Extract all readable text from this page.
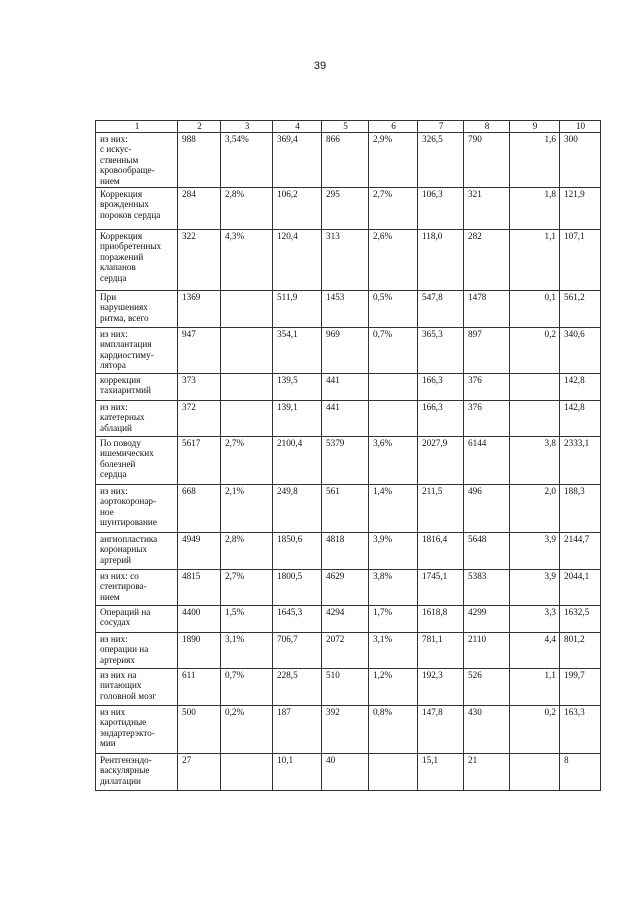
39
1	2	3	4	5	6	7	8	9	10
из них:
с искус-
ственным
кровообраще-
нием	988	3,54%	369,4	866	2,9%	326,5	790	1,6	300
Коррекция
врожденных
пороков сердца	284	2,8%	106,2	295	2,7%	106,3	321	1,8	121,9
Коррекция
приобретенных
поражений
клапанов
сердца	322	4,3%	120,4	313	2,6%	118,0	282	1,1	107,1
При
нарушениях
ритма, всего	1369		511,9	1453	0,5%	547,8	1478	0,1	561,2
из них:
имплантация
кардиостиму-
лятора	947		354,1	969	0,7%	365,3	897	0,2	340,6
коррекция
тахиаритмий	373		139,5	441		166,3	376		142,8
из них:
катетерных
аблаций	372		139,1	441		166,3	376		142,8
По поводу
ишемических
болезней
сердца	5617	2,7%	2100,4	5379	3,6%	2027,9	6144	3,8	2333,1
из них:
аортокоронар-
ное
шунтирование	668	2,1%	249,8	561	1,4%	211,5	496	2,0	188,3
ангиопластика
коронарных
артерий	4949	2,8%	1850,6	4818	3,9%	1816,4	5648	3,9	2144,7
из них: со
стентирова-
нием	4815	2,7%	1800,5	4629	3,8%	1745,1	5383	3,9	2044,1
Операций на
сосудах	4400	1,5%	1645,3	4294	1,7%	1618,8	4299	3,3	1632,5
из них:
операции на
артериях	1890	3,1%	706,7	2072	3,1%	781,1	2110	4,4	801,2
из них на
питающих
головной мозг	611	0,7%	228,5	510	1,2%	192,3	526	1,1	199,7
из них
каротидные
эндартерэкто-
мии	500	0,2%	187	392	0,8%	147,8	430	0,2	163,3
Рентгенэндо-
васкулярные
дилатации	27		10,1	40		15,1	21		8
